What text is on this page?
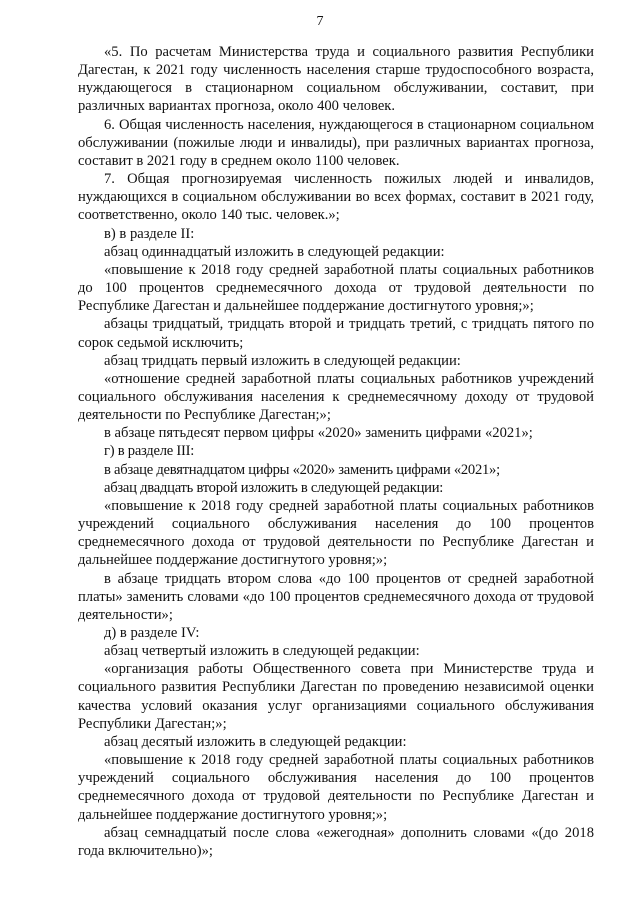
7

«5. По расчетам Министерства труда и социального развития Республики Дагестан, к 2021 году численность населения старше трудоспособного возраста, нуждающегося в стационарном социальном обслуживании, составит, при различных вариантах прогноза, около 400 человек.

6. Общая численность населения, нуждающегося в стационарном социальном обслуживании (пожилые люди и инвалиды), при различных вариантах прогноза, составит в 2021 году в среднем около 1100 человек.

7. Общая прогнозируемая численность пожилых людей и инвалидов, нуждающихся в социальном обслуживании во всех формах, составит в 2021 году, соответственно, около 140 тыс. человек.»;

в) в разделе II:

абзац одиннадцатый изложить в следующей редакции:

«повышение к 2018 году средней заработной платы социальных работников до 100 процентов среднемесячного дохода от трудовой деятельности по Республике Дагестан и дальнейшее поддержание достигнутого уровня;»;

абзацы тридцатый, тридцать второй и тридцать третий, с тридцать пятого по сорок седьмой исключить;

абзац тридцать первый изложить в следующей редакции:

«отношение средней заработной платы социальных работников учреждений социального обслуживания населения к среднемесячному доходу от трудовой деятельности по Республике Дагестан;»;

в абзаце пятьдесят первом цифры «2020» заменить цифрами «2021»;

г) в разделе III:

в абзаце девятнадцатом цифры «2020» заменить цифрами «2021»;

абзац двадцать второй изложить в следующей редакции:

«повышение к 2018 году средней заработной платы социальных работников учреждений социального обслуживания населения до 100 процентов среднемесячного дохода от трудовой деятельности по Республике Дагестан и дальнейшее поддержание достигнутого уровня;»;

в абзаце тридцать втором слова «до 100 процентов от средней заработной платы» заменить словами «до 100 процентов среднемесячного дохода от трудовой деятельности»;

д) в разделе IV:

абзац четвертый изложить в следующей редакции:

«организация работы Общественного совета при Министерстве труда и социального развития Республики Дагестан по проведению независимой оценки качества условий оказания услуг организациями социального обслуживания Республики Дагестан;»;

абзац десятый изложить в следующей редакции:

«повышение к 2018 году средней заработной платы социальных работников учреждений социального обслуживания населения до 100 процентов среднемесячного дохода от трудовой деятельности по Республике Дагестан и дальнейшее поддержание достигнутого уровня;»;

абзац семнадцатый после слова «ежегодная» дополнить словами «(до 2018 года включительно)»;
